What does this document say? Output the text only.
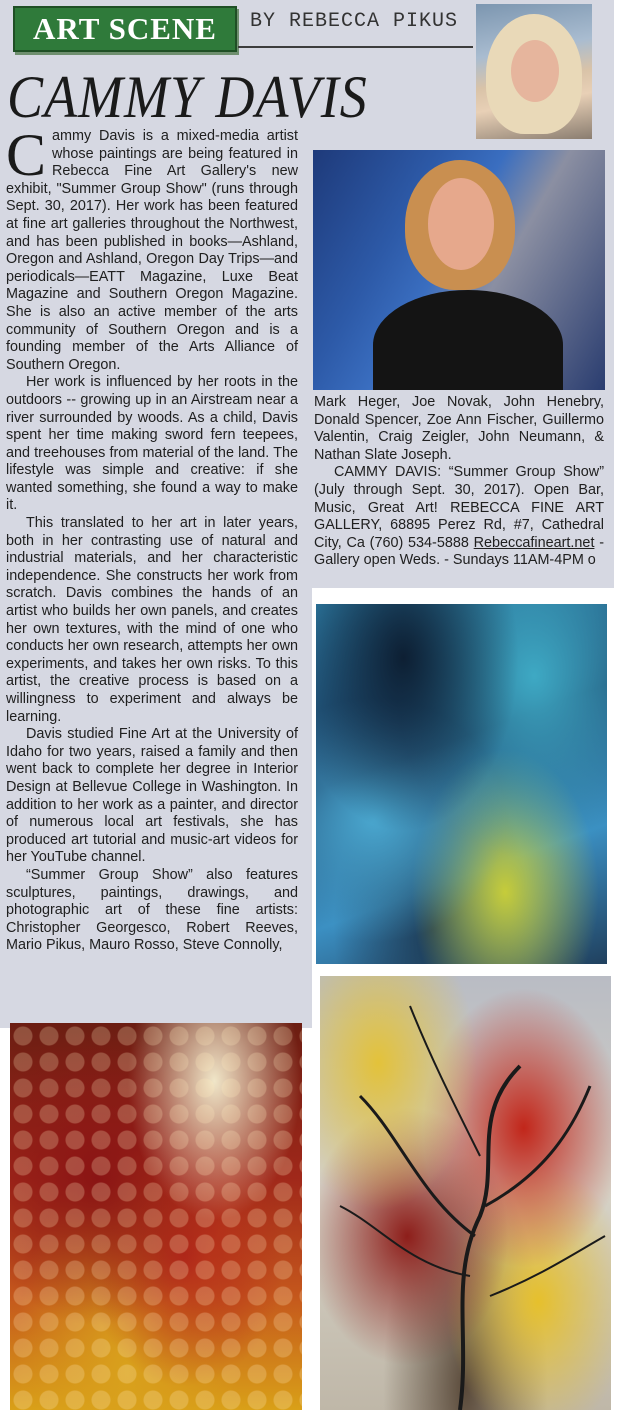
ART SCENE BY REBECCA PIKUS
CAMMY DAVIS

Cammy Davis is a mixed-media artist whose paintings are being featured in Rebecca Fine Art Gallery's new exhibit, "Summer Group Show" (runs through Sept. 30, 2017). Her work has been featured at fine art galleries throughout the Northwest, and has been published in books—Ashland, Oregon and Ashland, Oregon Day Trips—and periodicals—EATT Magazine, Luxe Beat Magazine and Southern Oregon Magazine. She is also an active member of the arts community of Southern Oregon and is a founding member of the Arts Alliance of Southern Oregon.

Her work is influenced by her roots in the outdoors -- growing up in an Airstream near a river surrounded by woods. As a child, Davis spent her time making sword fern teepees, and treehouses from material of the land. The lifestyle was simple and creative: if she wanted something, she found a way to make it.

This translated to her art in later years, both in her contrasting use of natural and industrial materials, and her characteristic independence. She constructs her work from scratch. Davis combines the hands of an artist who builds her own panels, and creates her own textures, with the mind of one who conducts her own research, attempts her own experiments, and takes her own risks. To this artist, the creative process is based on a willingness to experiment and always be learning.

Davis studied Fine Art at the University of Idaho for two years, raised a family and then went back to complete her degree in Interior Design at Bellevue College in Washington. In addition to her work as a painter, and director of numerous local art festivals, she has produced art tutorial and music-art videos for her YouTube channel.

“Summer Group Show” also features sculptures, paintings, drawings, and photographic art of these fine artists: Christopher Georgesco, Robert Reeves, Mario Pikus, Mauro Rosso, Steve Connolly,

Mark Heger, Joe Novak, John Henebry, Donald Spencer, Zoe Ann Fischer, Guillermo Valentin, Craig Zeigler, John Neumann, & Nathan Slate Joseph.

CAMMY DAVIS: “Summer Group Show” (July through Sept. 30, 2017). Open Bar, Music, Great Art! REBECCA FINE ART GALLERY, 68895 Perez Rd, #7, Cathedral City, Ca (760) 534-5888 Rebeccafineart.net - Gallery open Weds. - Sundays 11AM-4PM o
